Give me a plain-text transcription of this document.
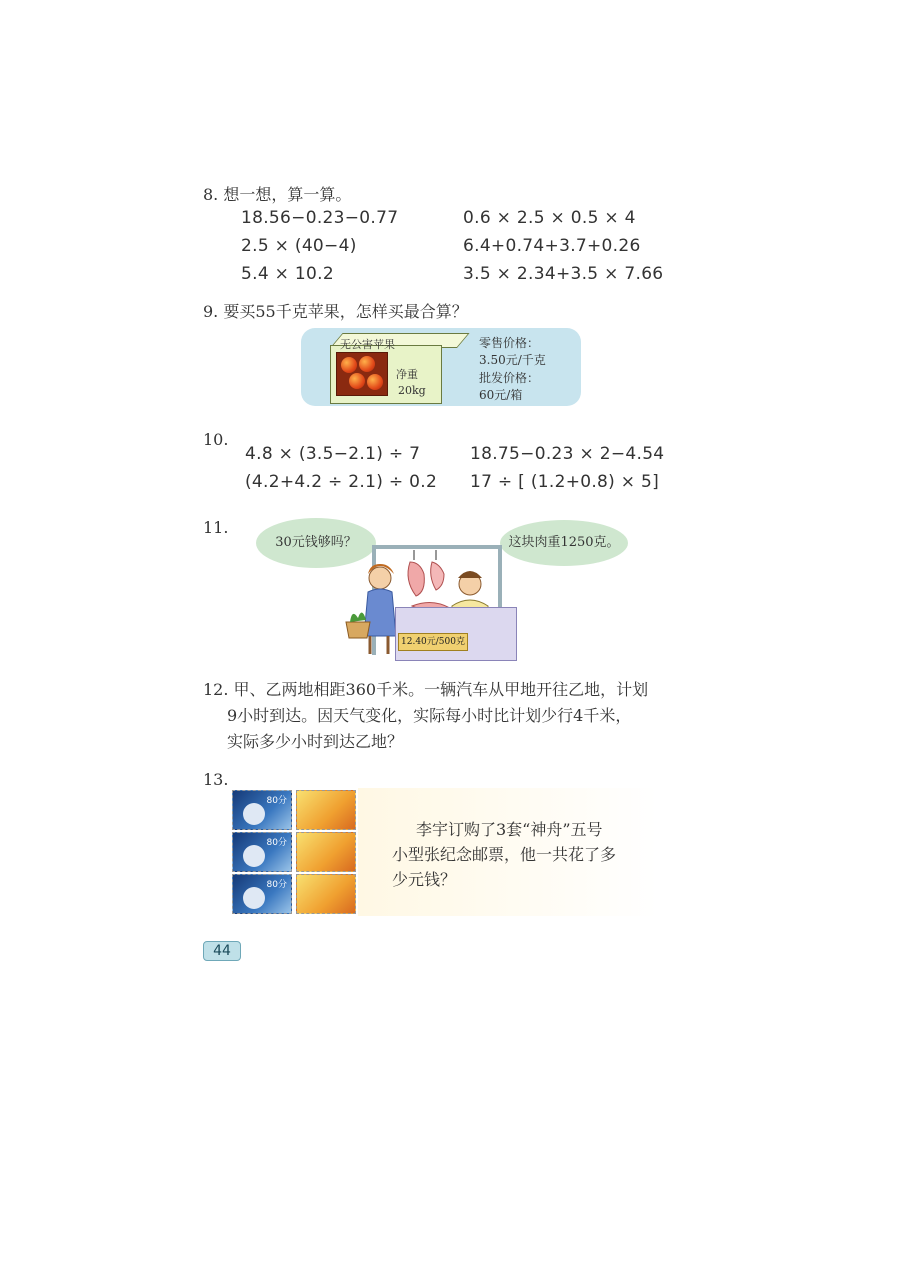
8. 想一想，算一算。
18.56−0.23−0.77
2.5 × (40−4)
5.4 × 10.2
0.6 × 2.5 × 0.5 × 4
6.4+0.74+3.7+0.26
3.5 × 2.34+3.5 × 7.66
9. 要买55千克苹果，怎样买最合算？
无公害苹果
净重
20kg
零售价格：
3.50元/千克
批发价格：
60元/箱
10.
4.8 × (3.5−2.1) ÷ 7	18.75−0.23 × 2−4.54
(4.2+4.2 ÷ 2.1) ÷ 0.2 17 ÷ [ (1.2+0.8) × 5]
11.
30元钱够吗？	这块肉重1250克。
12.40元/500克
12. 甲、乙两地相距360千米。一辆汽车从甲地开往乙地，计划
9小时到达。因天气变化，实际每小时比计划少行4千米，
实际多少小时到达乙地？
13.
80分
80分
80分
李宇订购了3套“神舟”五号
小型张纪念邮票，他一共花了多
少元钱？
44
